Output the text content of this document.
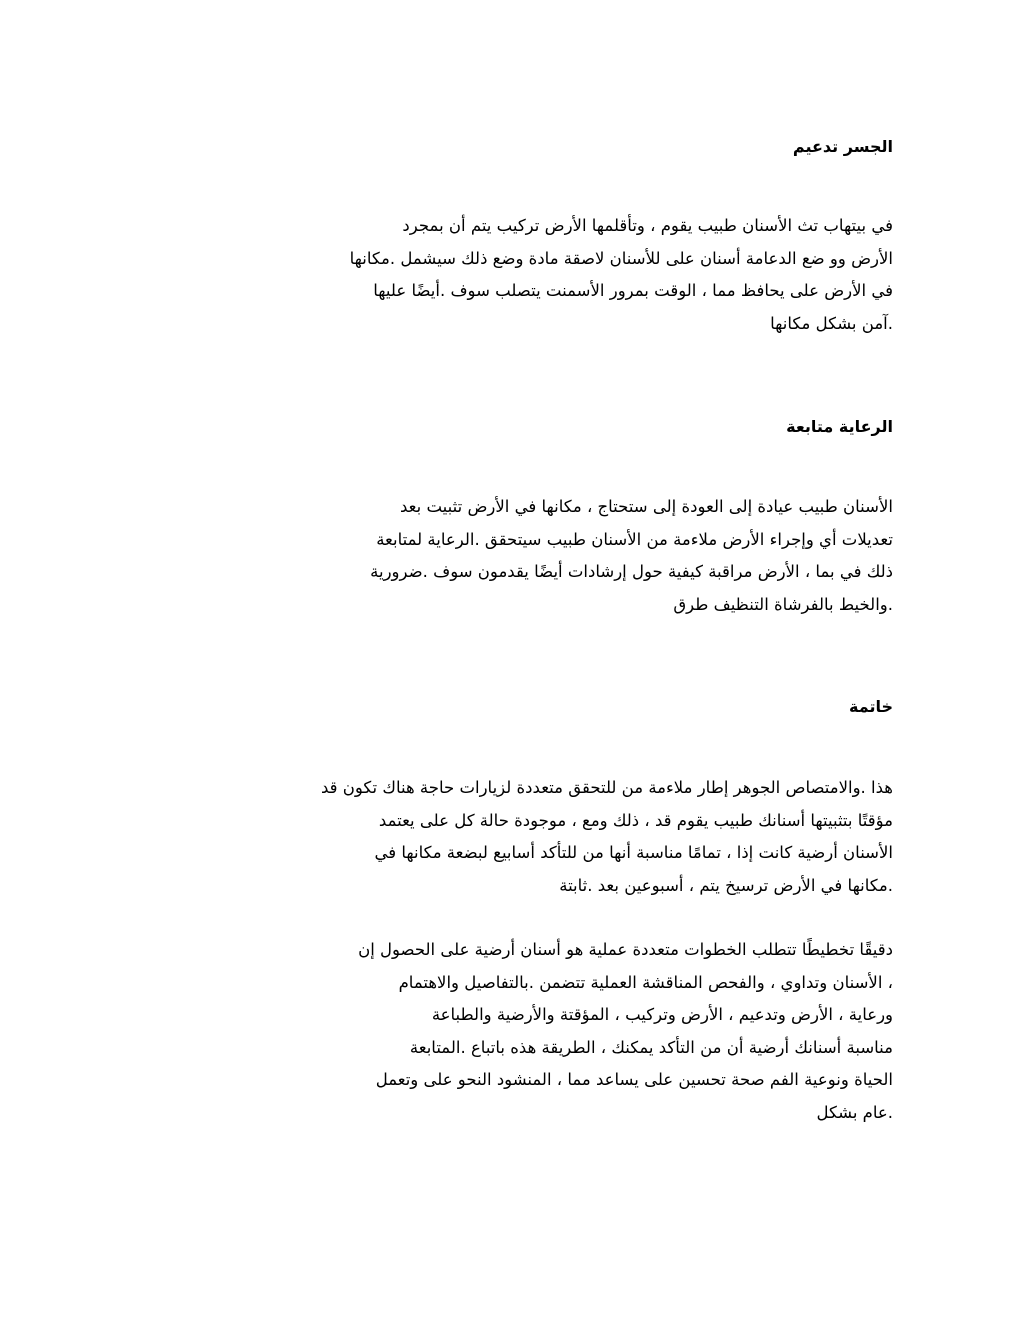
الجسر تدعيم
في بيتهاب تث الأسنان طبيب يقوم ، وتأقلمها الأرض تركيب يتم أن بمجرد
الأرض وو ضع الدعامة أسنان على للأسنان لاصقة مادة وضع ذلك سيشمل .مكانها
في الأرض على يحافظ مما ، الوقت بمرور الأسمنت يتصلب سوف .أيضًا عليها
.آمن بشكل مكانها
الرعاية متابعة
الأسنان طبيب عيادة إلى العودة إلى ستحتاج ، مكانها في الأرض تثبيت بعد
تعديلات أي وإجراء الأرض ملاءمة من الأسنان طبيب سيتحقق .الرعاية لمتابعة
ذلك في بما ، الأرض مراقبة كيفية حول إرشادات أيضًا يقدمون سوف .ضرورية
.والخيط بالفرشاة التنظيف طرق
خاتمة
هذا .والامتصاص الجوهر إطار ملاءمة من للتحقق متعددة لزيارات حاجة هناك تكون قد
مؤقتًا بتثبيتها أسنانك طبيب يقوم قد ، ذلك ومع ، موجودة حالة كل على يعتمد
الأسنان أرضية كانت إذا ، تمامًا مناسبة أنها من للتأكد أسابيع لبضعة مكانها في
.مكانها في الأرض ترسيخ يتم ، أسبوعين بعد .ثابتة
دقيقًا تخطيطًا تتطلب الخطوات متعددة عملية هو أسنان أرضية على الحصول إن
، الأسنان وتداوي ، والفحص المناقشة العملية تتضمن .بالتفاصيل والاهتمام
ورعاية ، الأرض وتدعيم ، الأرض وتركيب ، المؤقتة والأرضية والطباعة
مناسبة أسنانك أرضية أن من التأكد يمكنك ، الطريقة هذه باتباع .المتابعة
الحياة ونوعية الفم صحة تحسين على يساعد مما ، المنشود النحو على وتعمل
.عام بشكل
